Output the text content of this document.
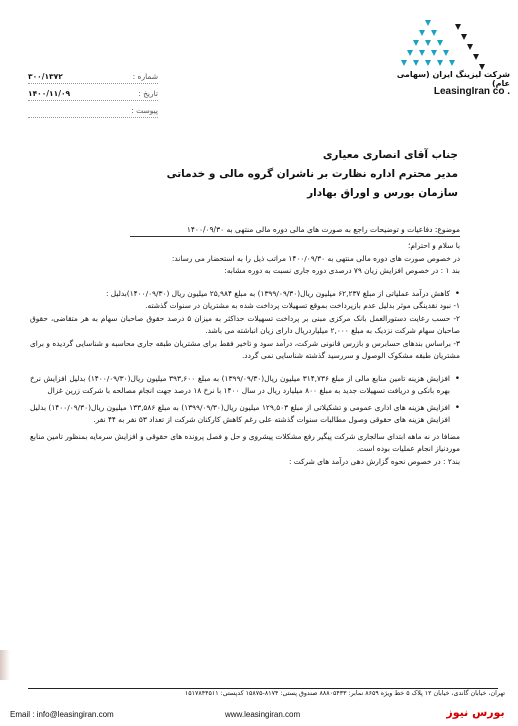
شرکت لیزینگ ایران (سهامی عام)
LeasingIran co .
۳۰۰/۱۳۷۲	شماره :
۱۴۰۰/۱۱/۰۹	تاریخ :
پیوست :
جناب آقای انصاری معیاری
مدیر محترم اداره نظارت بر ناشران گروه مالی و خدماتی
سازمان بورس و اوراق بهادار
موضوع: دفاعیات و توضیحات راجع به صورت های مالی دوره مالی منتهی به ۱۴۰۰/۰۹/۳۰

با سلام و احترام؛

در خصوص صورت های دوره مالی منتهی به ۱۴۰۰/۰۹/۳۰ مراتب ذیل را به استحضار می رساند:

بند ۱ : در خصوص افزایش زیان ۷۹ درصدی دوره جاری نسبت به دوره مشابه:

• کاهش درآمد عملیاتی از مبلغ ۶۲,۲۳۷ میلیون ریال(۱۳۹۹/۰۹/۳۰) به مبلغ ۲۵,۹۸۴ میلیون ریال (۱۴۰۰/۰۹/۳۰)بدلیل :

۱- نبود نقدینگی موثر بدلیل عدم بازپرداخت بموقع تسهیلات پرداخت شده به مشتریان در سنوات گذشته.

۲- حسب رعایت دستورالعمل بانک مرکزی مبنی بر پرداخت تسهیلات حداکثر به میزان ۵ درصد حقوق صاحبان سهام به هر متقاضی، حقوق صاحبان سهام شرکت نزدیک به مبلغ ۲,۰۰۰ میلیاردریال دارای زیان انباشته می باشد.

۳- براساس بندهای حسابرس و بازرس قانونی شرکت، درآمد سود و تاخیر فقط برای مشتریان طبقه جاری محاسبه و شناسایی گردیده و برای مشتریان طبقه مشکوک الوصول و سررسید گذشته شناسایی نمی گردد.

• افزایش هزینه تامین منابع مالی از مبلغ ۳۱۴,۷۳۶ میلیون ریال(۱۳۹۹/۰۹/۳۰) به مبلغ ۳۹۳,۶۰۰ میلیون ریال(۱۴۰۰/۰۹/۳۰) بدلیل افزایش نرخ بهره بانکی و دریافت تسهیلات جدید به مبلغ ۸۰۰ میلیارد ریال در سال ۱۴۰۰ با نرخ ۱۸ درصد جهت انجام مصالحه با شرکت زرین غزال

• افزایش هزینه های اداری عمومی و تشکیلاتی از مبلغ ۱۲۹,۵۰۳ میلیون ریال(۱۳۹۹/۰۹/۳۰) به مبلغ ۱۳۳,۵۸۶ میلیون ریال(۱۴۰۰/۰۹/۳۰) بدلیل افزایش هزینه های حقوقی وصول مطالبات سنوات گذشته علی رغم کاهش کارکنان شرکت از تعداد ۵۳ نفر به ۴۴ نفر.

مضافا در نه ماهه ابتدای سالجاری شرکت پیگیر رفع مشکلات پیشروی و حل و فصل پرونده های حقوقی و افزایش سرمایه بمنظور تامین منابع موردنیاز انجام عملیات بوده است.

بند۲ : در خصوص نحوه گزارش دهی درآمد های شرکت :

تهران، خیابان گاندی، خیابان ۱۲ پلاک ۵ خط ویژه ۸۶۵۹ نمابر: ۸۸۸۰۵۴۳۳ صندوق پستی: ۸۱۷۴-۱۵۸۷۵ کدپستی: ۱۵۱۷۸۴۴۵۱۱
Email : info@leasingiran.com	www.leasingiran.com	بورس نیوز
